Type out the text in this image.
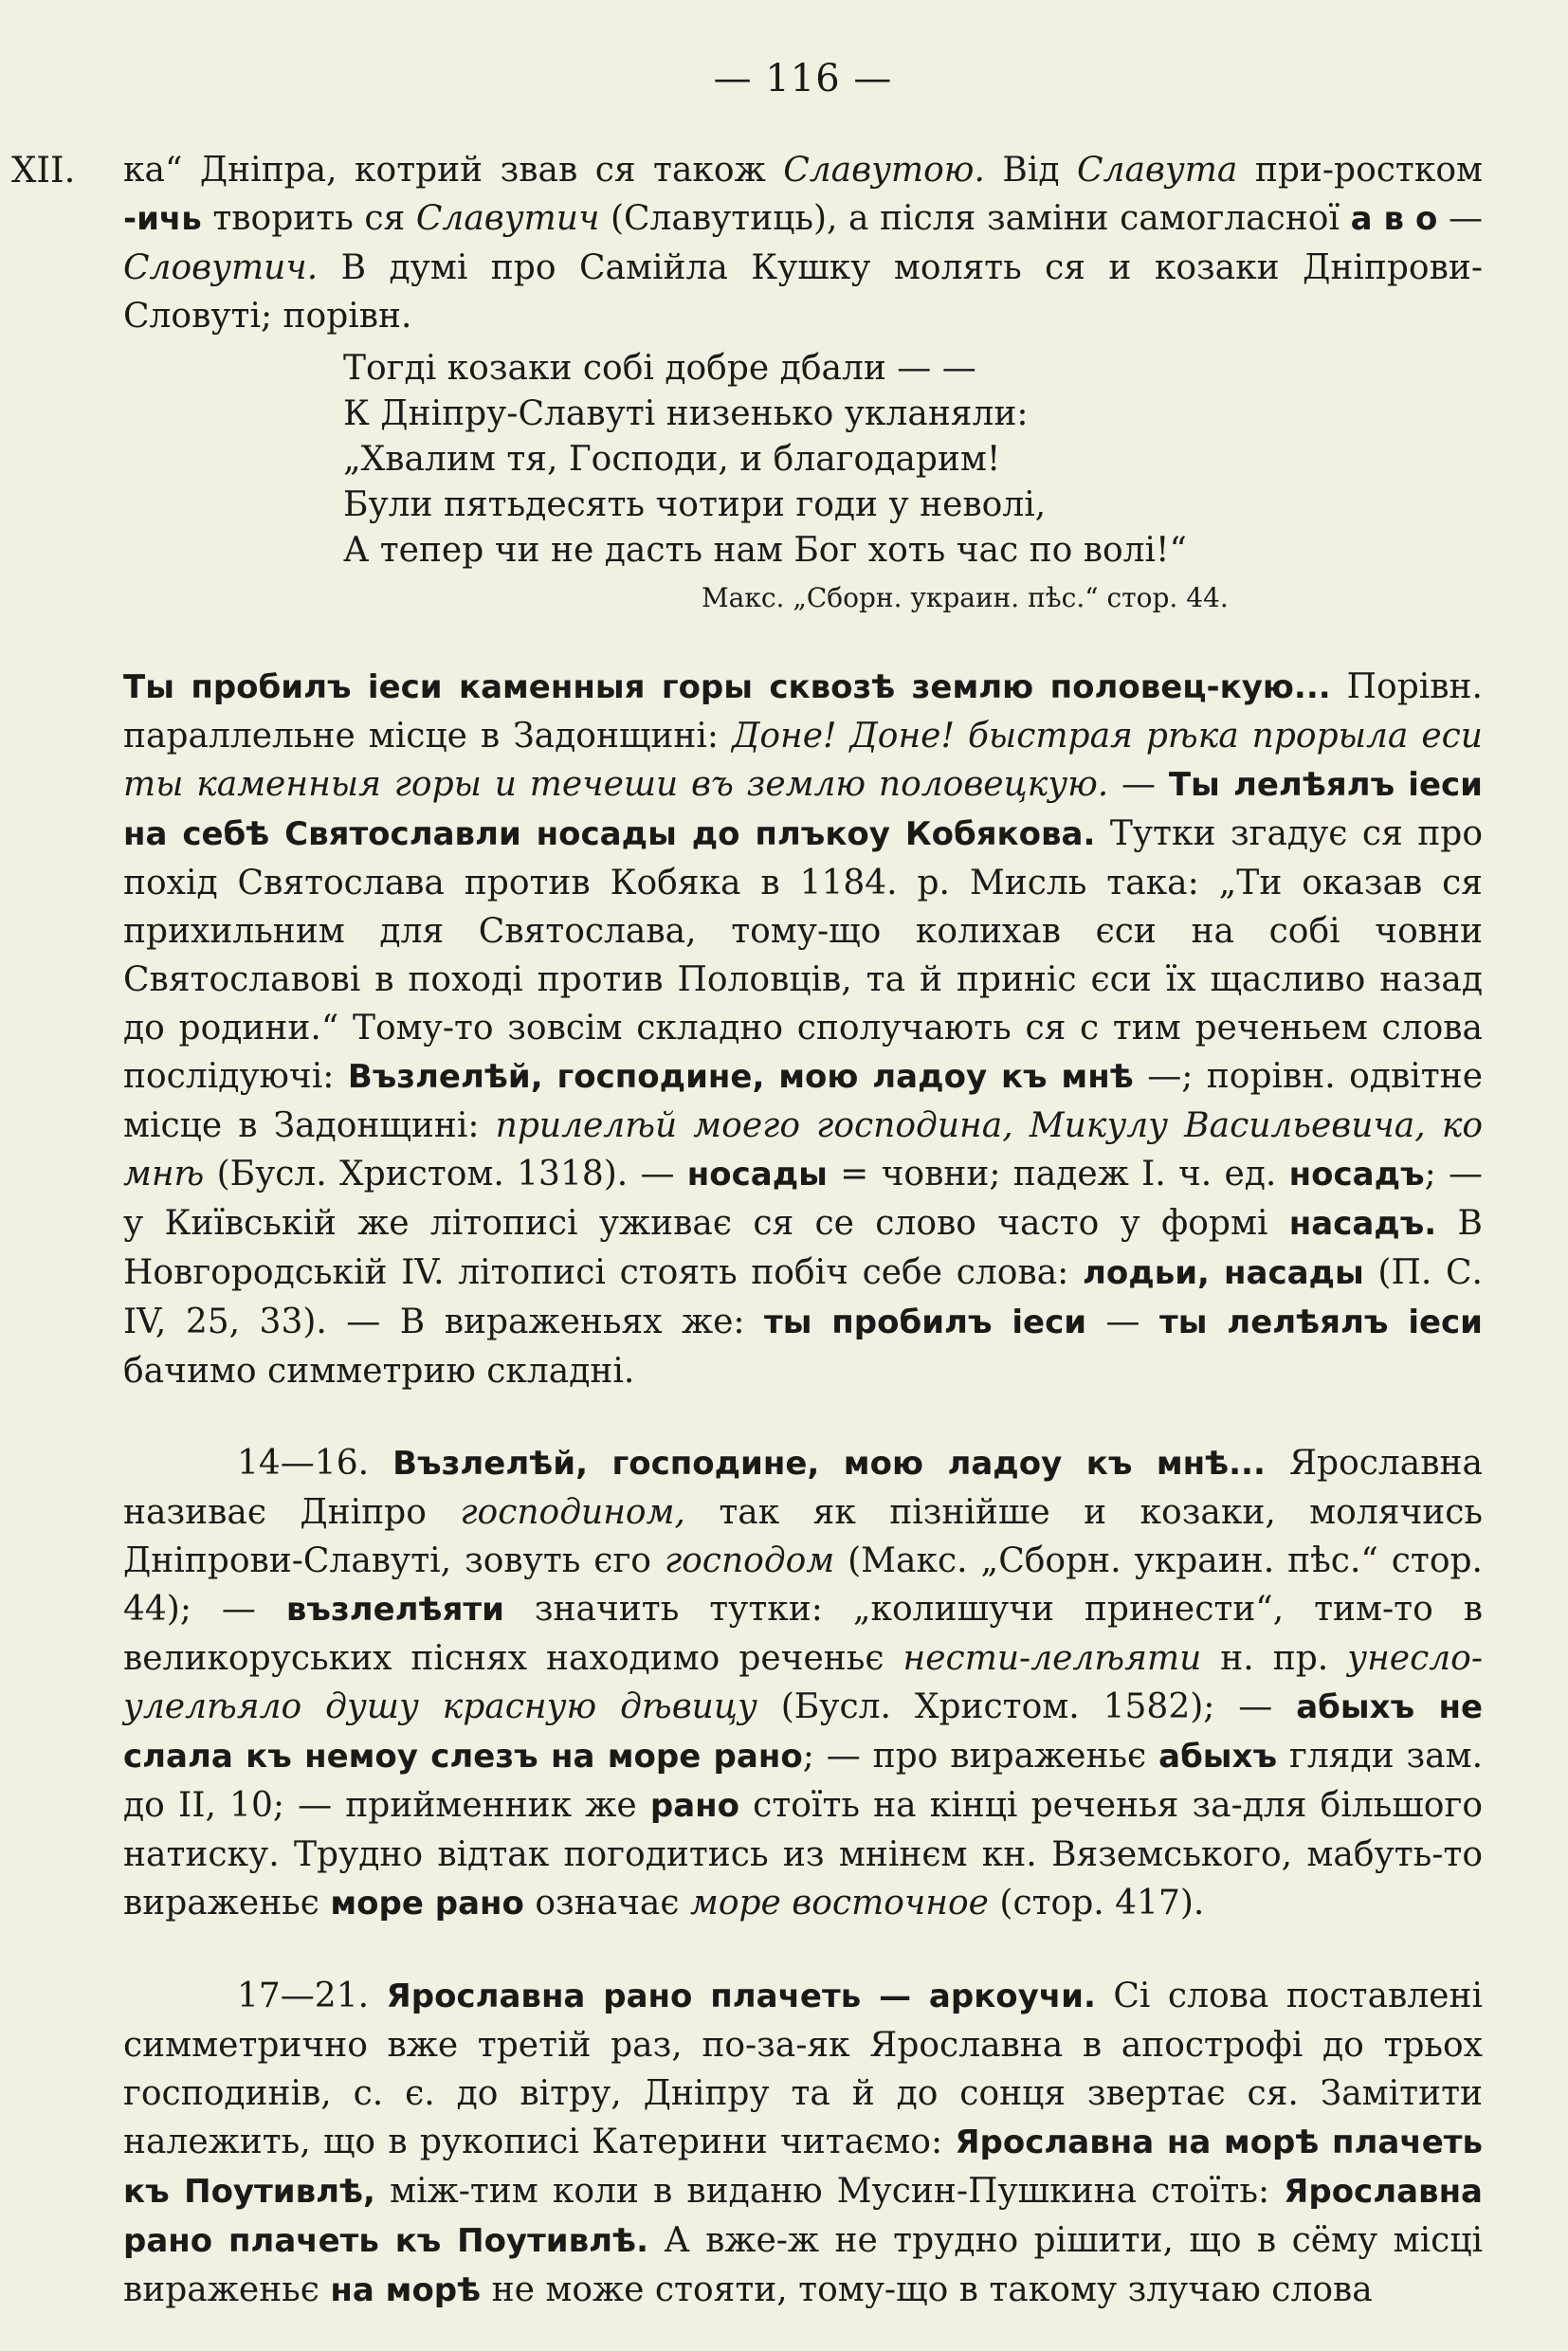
— 116 —

XII. ка“ Дніпра, котрий звав ся також Славутою. Від Славута при-ростком -ичь творить ся Славутич (Славутиць), а після заміни самогласної а в о — Словутич. В думі про Самійла Кушку молять ся и козаки Дніпрови-Словуті; порівн.

Тогді козаки собі добре дбали — —
К Дніпру-Славуті низенько укланяли:
„Хвалим тя, Господи, и благодарим!
Були пятьдесять чотири годи у неволі,
А тепер чи не дасть нам Бог хоть час по волі!“
Макс. „Сборн. украин. пѣс.“ стор. 44.

Ты пробилъ іеси каменныя горы сквозѣ землю половец-кую... Порівн. параллельне місце в Задонщині: Доне! Доне! быстрая рѣка прорыла еси ты каменныя горы и течеши въ землю половецкую. — Ты лелѣялъ іеси на себѣ Святославли носады до плъкоу Кобякова. Тутки згадує ся про похід Святослава против Кобяка в 1184. р. Мисль така: „Ти оказав ся прихильним для Святослава, тому-що колихав єси на собі човни Святославові в поході против Половців, та й приніс єси їх щасливо назад до родини.“ Тому-то зовсім складно сполучають ся с тим реченьем слова послідуючі: Възлелѣй, господине, мою ладоу къ мнѣ —; порівн. одвітне місце в Задонщині: прилелѣй моего господина, Микулу Васильевича, ко мнѣ (Бусл. Христом. 1318). — носады = човни; падеж І. ч. ед. носадъ; — у Київській же літописі уживає ся се слово часто у формі насадъ. В Новгородській IV. літописі стоять побіч себе слова: лодьи, насады (П. С. IV, 25, 33). — В вираженьях же: ты пробилъ іеси — ты лелѣялъ іеси бачимо симметрию складні.

14—16. Възлелѣй, господине, мою ладоу къ мнѣ... Ярославна називає Дніпро господином, так як пізнійше и козаки, молячись Дніпрови-Славуті, зовуть єго господом (Макс. „Сборн. украин. пѣс.“ стор. 44); — възлелѣяти значить тутки: „колишучи принести“, тим-то в великоруських піснях находимо реченьє несmи-лелѣяти н. пр. унесло-улелѣяло душу красную дѣвицу (Бусл. Христом. 1582); — абыхъ не слала къ немоу слезъ на море рано; — про вираженьє абыхъ гляди зам. до II, 10; — прийменник же рано стоїть на кінці реченья за-для більшого натиску. Трудно відтак погодитись из мнінєм кн. Вяземського, мабуть-то вираженьє море рано означає море восточное (стор. 417).

17—21. Ярославна рано плачеть — аркоучи. Сі слова поставлені симметрично вже третій раз, по-за-як Ярославна в апострофі до трьох господинів, с. є. до вітру, Дніпру та й до сонця звертає ся. Замітити належить, що в рукописі Катерини читаємо: Ярославна на морѣ плачеть къ Поутивлѣ, між-тим коли в виданю Мусин-Пушкина стоїть: Ярославна рано плачеть къ Поутивлѣ. А вже-ж не трудно рішити, що в сёму місці вираженьє на морѣ не може стояти, тому-що в такому злучаю слова
